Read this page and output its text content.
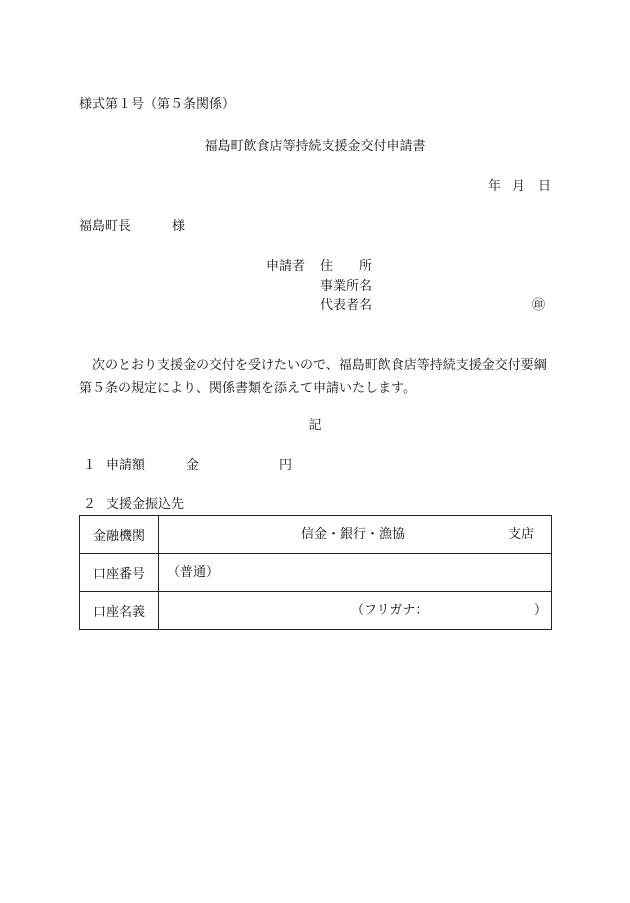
様式第１号（第５条関係）
福島町飲食店等持続支援金交付申請書
年 月 日
福島町長	様
申請者 住　　所
事業所名
代表者名	㊞
次のとおり支援金の交付を受けたいので、福島町飲食店等持続支援金交付要綱第５条の規定により、関係書類を添えて申請いたします。
記
１ 申請額	金	円
２ 支援金振込先
金融機関	信金・銀行・漁協 支店

口座番号	（普通）

口座名義	（フリガナ： ）
